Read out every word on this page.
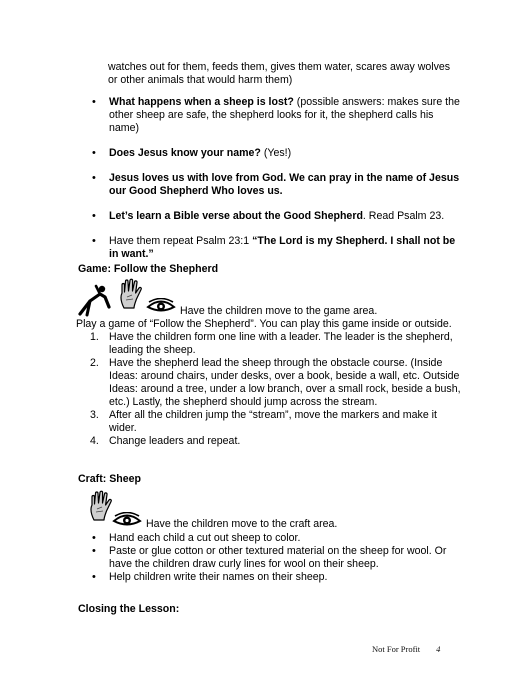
watches out for them, feeds them, gives them water, scares away wolves or other animals that would harm them)

• What happens when a sheep is lost? (possible answers: makes sure the other sheep are safe, the shepherd looks for it, the shepherd calls his name)
• Does Jesus know your name? (Yes!)
• Jesus loves us with love from God. We can pray in the name of Jesus our Good Shepherd Who loves us.
• Let’s learn a Bible verse about the Good Shepherd. Read Psalm 23.
• Have them repeat Psalm 23:1 “The Lord is my Shepherd. I shall not be in want.”

Game: Follow the Shepherd

Have the children move to the game area.

Play a game of “Follow the Shepherd”. You can play this game inside or outside.

1. Have the children form one line with a leader. The leader is the shepherd, leading the sheep.
2. Have the shepherd lead the sheep through the obstacle course. (Inside Ideas: around chairs, under desks, over a book, beside a wall, etc. Outside Ideas: around a tree, under a low branch, over a small rock, beside a bush, etc.) Lastly, the shepherd should jump across the stream.
3. After all the children jump the “stream”, move the markers and make it wider.
4. Change leaders and repeat.

Craft: Sheep

Have the children move to the craft area.

• Hand each child a cut out sheep to color.
• Paste or glue cotton or other textured material on the sheep for wool. Or have the children draw curly lines for wool on their sheep.
• Help children write their names on their sheep.

Closing the Lesson:

Not For Profit 4
